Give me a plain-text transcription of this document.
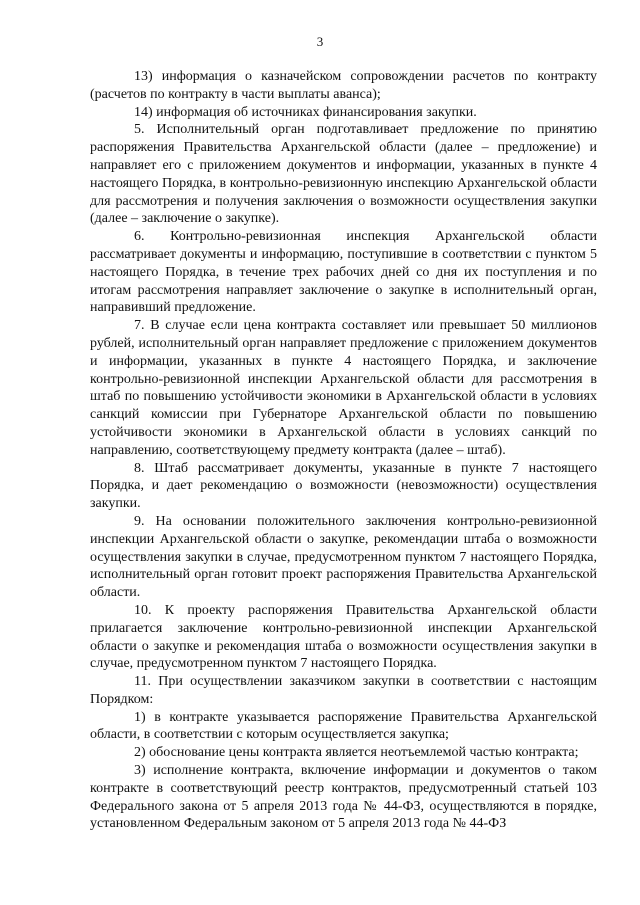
3

13) информация о казначейском сопровождении расчетов по контракту (расчетов по контракту в части выплаты аванса);

14) информация об источниках финансирования закупки.

5. Исполнительный орган подготавливает предложение по принятию распоряжения Правительства Архангельской области (далее – предложение) и направляет его с приложением документов и информации, указанных в пункте 4 настоящего Порядка, в контрольно-ревизионную инспекцию Архангельской области для рассмотрения и получения заключения о возможности осуществления закупки (далее – заключение о закупке).

6. Контрольно-ревизионная инспекция Архангельской области рассматривает документы и информацию, поступившие в соответствии с пунктом 5 настоящего Порядка, в течение трех рабочих дней со дня их поступления и по итогам рассмотрения направляет заключение о закупке в исполнительный орган, направивший предложение.

7. В случае если цена контракта составляет или превышает 50 миллионов рублей, исполнительный орган направляет предложение с приложением документов и информации, указанных в пункте 4 настоящего Порядка, и заключение контрольно-ревизионной инспекции Архангельской области для рассмотрения в штаб по повышению устойчивости экономики в Архангельской области в условиях санкций комиссии при Губернаторе Архангельской области по повышению устойчивости экономики в Архангельской области в условиях санкций по направлению, соответствующему предмету контракта (далее – штаб).

8. Штаб рассматривает документы, указанные в пункте 7 настоящего Порядка, и дает рекомендацию о возможности (невозможности) осуществления закупки.

9. На основании положительного заключения контрольно-ревизионной инспекции Архангельской области о закупке, рекомендации штаба о возможности осуществления закупки в случае, предусмотренном пунктом 7 настоящего Порядка, исполнительный орган готовит проект распоряжения Правительства Архангельской области.

10. К проекту распоряжения Правительства Архангельской области прилагается заключение контрольно-ревизионной инспекции Архангельской области о закупке и рекомендация штаба о возможности осуществления закупки в случае, предусмотренном пунктом 7 настоящего Порядка.

11. При осуществлении заказчиком закупки в соответствии с настоящим Порядком:

1) в контракте указывается распоряжение Правительства Архангельской области, в соответствии с которым осуществляется закупка;

2) обоснование цены контракта является неотъемлемой частью контракта;

3) исполнение контракта, включение информации и документов о таком контракте в соответствующий реестр контрактов, предусмотренный статьей 103 Федерального закона от 5 апреля 2013 года № 44-ФЗ, осуществляются в порядке, установленном Федеральным законом от 5 апреля 2013 года № 44-ФЗ
